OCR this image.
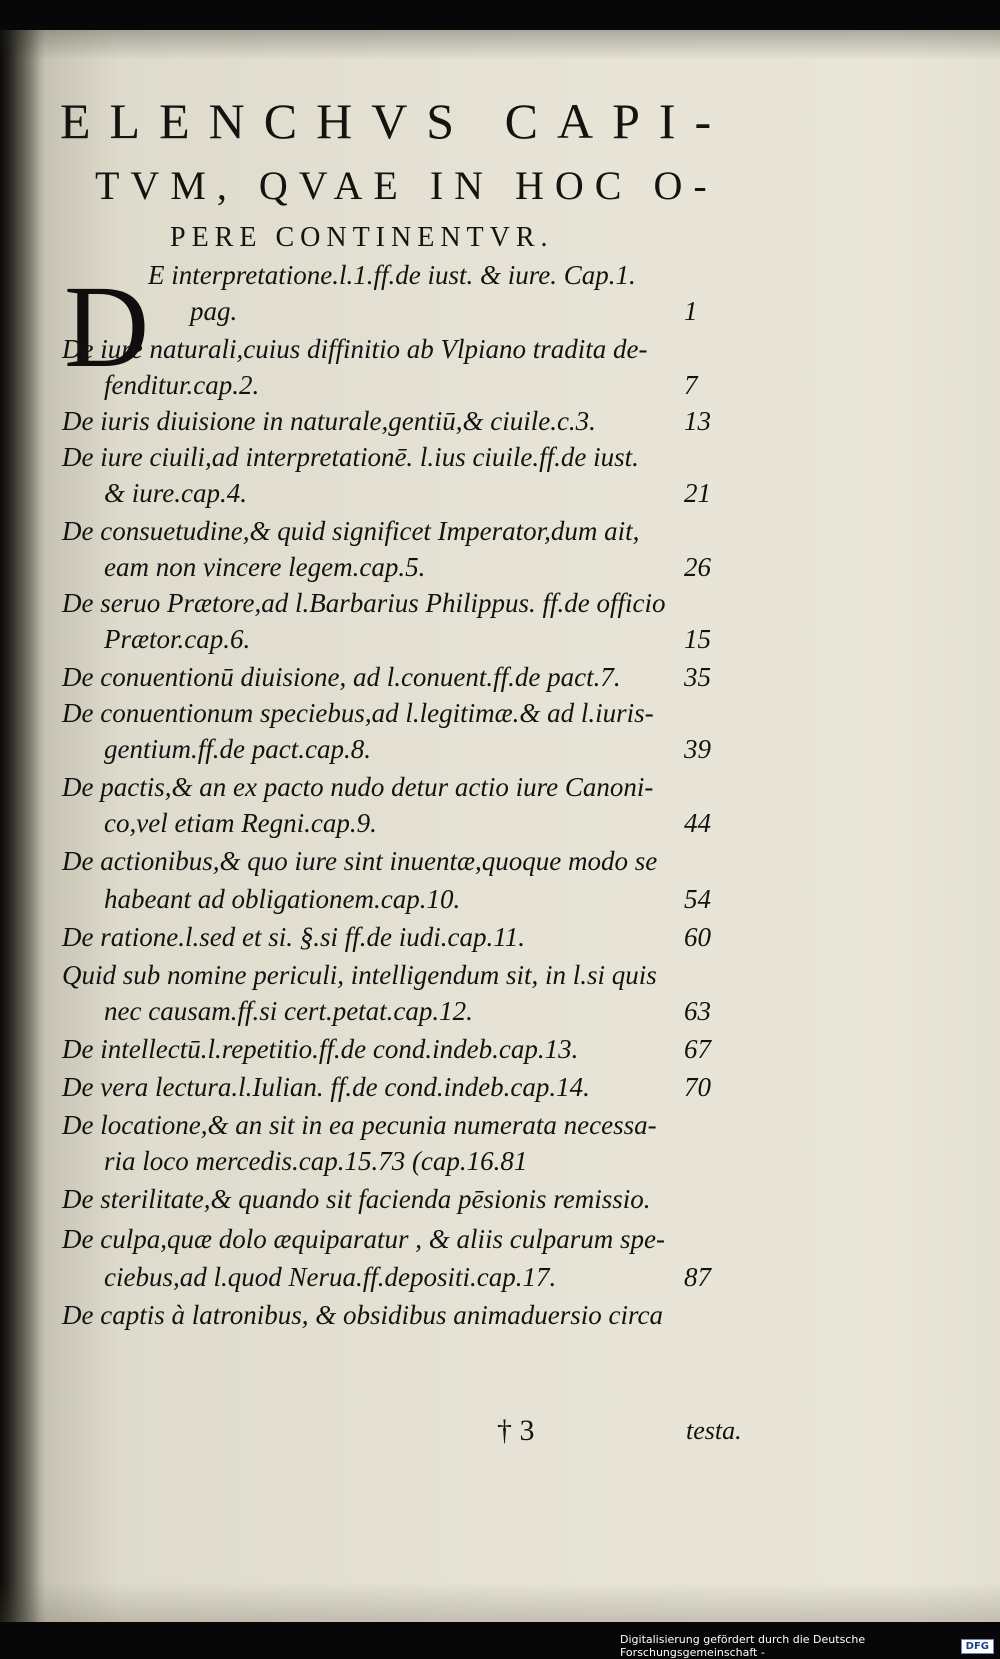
ELENCHVS CAPI-
TVM, QVAE IN HOC O-
PERE CONTINENTVR.
D
E interpretatione.l.1.ff.de iust. & iure. Cap.1.
pag.	1
De iure naturali,cuius diffinitio ab Vlpiano tradita de-
fenditur.cap.2.	7
De iuris diuisione in naturale,gentiū,& ciuile.c.3.	13
De iure ciuili,ad interpretationē. l.ius ciuile.ff.de iust.
& iure.cap.4.	21
De consuetudine,& quid significet Imperator,dum ait,
eam non vincere legem.cap.5.	26
De seruo Prætore,ad l.Barbarius Philippus. ff.de officio
Prætor.cap.6.	15
De conuentionū diuisione, ad l.conuent.ff.de pact.7. 35
De conuentionum speciebus,ad l.legitimæ.& ad l.iuris-
gentium.ff.de pact.cap.8.	39
De pactis,& an ex pacto nudo detur actio iure Canoni-
co,vel etiam Regni.cap.9.	44
De actionibus,& quo iure sint inuentæ,quoque modo se
habeant ad obligationem.cap.10.	54
De ratione.l.sed et si. §.si ff.de iudi.cap.11.	60
Quid sub nomine periculi, intelligendum sit, in l.si quis
nec causam.ff.si cert.petat.cap.12.	63
De intellectū.l.repetitio.ff.de cond.indeb.cap.13.	67
De vera lectura.l.Iulian. ff.de cond.indeb.cap.14.	70
De locatione,& an sit in ea pecunia numerata necessa-
ria loco mercedis.cap.15.73 (cap.16.81
De sterilitate,& quando sit facienda pēsionis remissio.
De culpa,quæ dolo æquiparatur , & aliis culparum spe-
ciebus,ad l.quod Nerua.ff.depositi.cap.17.	87
De captis à latronibus, & obsidibus animaduersio circa
† 3	testa.
Digitalisierung gefördert durch die Deutsche Forschungsgemeinschaft -	DFG
